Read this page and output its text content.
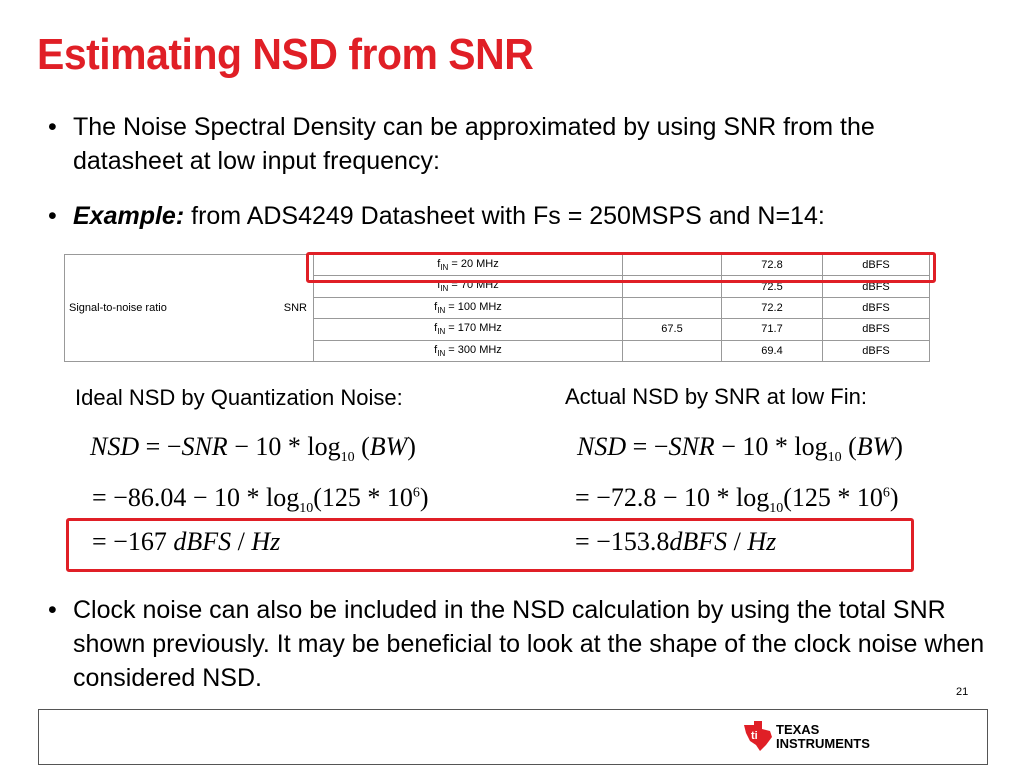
Estimating NSD from SNR
• The Noise Spectral Density can be approximated by using SNR from the datasheet at low input frequency:
• Example: from ADS4249 Datasheet with Fs = 250MSPS and N=14:
Signal-to-noise ratio	SNR	$f_{IN} = 20$ MHz		72.8	dBFS
		$f_{IN} = 70$ MHz		72.5	dBFS
		$f_{IN} = 100$ MHz		72.2	dBFS
		$f_{IN} = 170$ MHz	67.5	71.7	dBFS
		$f_{IN} = 300$ MHz		69.4	dBFS
Ideal NSD by Quantization Noise:	Actual NSD by SNR at low Fin:
NSD = $-SNR - 10 * \log_{10} (BW)$
= $-86.04 - 10 * \log_{10}(125 * 10^6)$
= −167 dBFS / Hz
NSD = $-SNR - 10 * \log_{10} (BW)$
= $-72.8 - 10 * \log_{10}(125 * 10^6)$
= −153.8dBFS / Hz
• Clock noise can also be included in the NSD calculation by using the total SNR shown previously. It may be beneficial to look at the shape of the clock noise when considered NSD.	21
ti TEXAS
INSTRUMENTS
